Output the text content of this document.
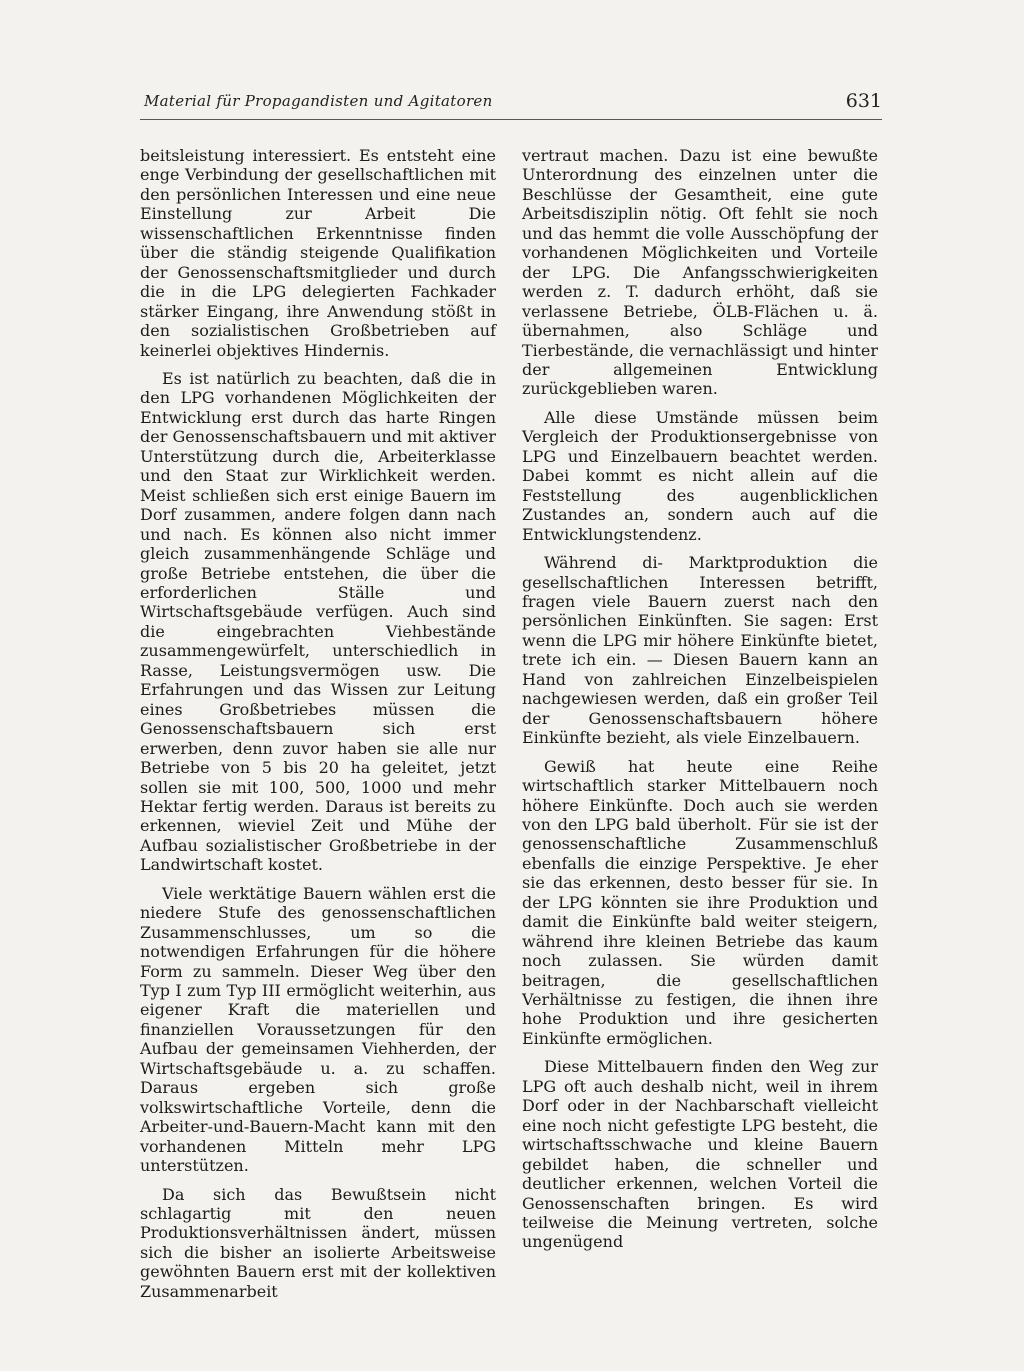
Material für Propagandisten und Agitatoren	631

beitsleistung interessiert. Es entsteht eine enge Verbindung der gesellschaftlichen mit den persönlichen Interessen und eine neue Einstellung zur Arbeit Die wissenschaftlichen Erkenntnisse finden über die ständig steigende Qualifikation der Genossenschaftsmitglieder und durch die in die LPG delegierten Fachkader stärker Eingang, ihre Anwendung stößt in den sozialistischen Großbetrieben auf keinerlei objektives Hindernis.

Es ist natürlich zu beachten, daß die in den LPG vorhandenen Möglichkeiten der Entwicklung erst durch das harte Ringen der Genossenschaftsbauern und mit aktiver Unterstützung durch die, Arbeiterklasse und den Staat zur Wirklichkeit werden. Meist schließen sich erst einige Bauern im Dorf zusammen, andere folgen dann nach und nach. Es können also nicht immer gleich zusammenhängende Schläge und große Betriebe entstehen, die über die erforderlichen Ställe und Wirtschaftsgebäude verfügen. Auch sind die eingebrachten Viehbestände zusammengewürfelt, unterschiedlich in Rasse, Leistungsvermögen usw. Die Erfahrungen und das Wissen zur Leitung eines Großbetriebes müssen die Genossenschaftsbauern sich erst erwerben, denn zuvor haben sie alle nur Betriebe von 5 bis 20 ha geleitet, jetzt sollen sie mit 100, 500, 1000 und mehr Hektar fertig werden. Daraus ist bereits zu erkennen, wieviel Zeit und Mühe der Aufbau sozialistischer Großbetriebe in der Landwirtschaft kostet.

Viele werktätige Bauern wählen erst die niedere Stufe des genossenschaftlichen Zusammenschlusses, um so die notwendigen Erfahrungen für die höhere Form zu sammeln. Dieser Weg über den Typ I zum Typ III ermöglicht weiterhin, aus eigener Kraft die materiellen und finanziellen Voraussetzungen für den Aufbau der gemeinsamen Viehherden, der Wirtschaftsgebäude u. a. zu schaffen. Daraus ergeben sich große volkswirtschaftliche Vorteile, denn die Arbeiter-und-Bauern-Macht kann mit den vorhandenen Mitteln mehr LPG unterstützen.

Da sich das Bewußtsein nicht schlagartig mit den neuen Produktionsverhältnissen ändert, müssen sich die bisher an isolierte Arbeitsweise gewöhnten Bauern erst mit der kollektiven Zusammenarbeit

vertraut machen. Dazu ist eine bewußte Unterordnung des einzelnen unter die Beschlüsse der Gesamtheit, eine gute Arbeitsdisziplin nötig. Oft fehlt sie noch und das hemmt die volle Ausschöpfung der vorhandenen Möglichkeiten und Vorteile der LPG. Die Anfangsschwierigkeiten werden z. T. dadurch erhöht, daß sie verlassene Betriebe, ÖLB-Flächen u. ä. übernahmen, also Schläge und Tierbestände, die vernachlässigt und hinter der allgemeinen Entwicklung zurückgeblieben waren.

Alle diese Umstände müssen beim Vergleich der Produktionsergebnisse von LPG und Einzelbauern beachtet werden. Dabei kommt es nicht allein auf die Feststellung des augenblicklichen Zustandes an, sondern auch auf die Entwicklungstendenz.

Während di- Marktproduktion die gesellschaftlichen Interessen betrifft, fragen viele Bauern zuerst nach den persönlichen Einkünften. Sie sagen: Erst wenn die LPG mir höhere Einkünfte bietet, trete ich ein. — Diesen Bauern kann an Hand von zahlreichen Einzelbeispielen nachgewiesen werden, daß ein großer Teil der Genossenschaftsbauern höhere Einkünfte bezieht, als viele Einzelbauern.

Gewiß hat heute eine Reihe wirtschaftlich starker Mittelbauern noch höhere Einkünfte. Doch auch sie werden von den LPG bald überholt. Für sie ist der genossenschaftliche Zusammenschluß ebenfalls die einzige Perspektive. Je eher sie das erkennen, desto besser für sie. In der LPG könnten sie ihre Produktion und damit die Einkünfte bald weiter steigern, während ihre kleinen Betriebe das kaum noch zulassen. Sie würden damit beitragen, die gesellschaftlichen Verhältnisse zu festigen, die ihnen ihre hohe Produktion und ihre gesicherten Einkünfte ermöglichen.

Diese Mittelbauern finden den Weg zur LPG oft auch deshalb nicht, weil in ihrem Dorf oder in der Nachbarschaft vielleicht eine noch nicht gefestigte LPG besteht, die wirtschaftsschwache und kleine Bauern gebildet haben, die schneller und deutlicher erkennen, welchen Vorteil die Genossenschaften bringen. Es wird teilweise die Meinung vertreten, solche ungenügend
